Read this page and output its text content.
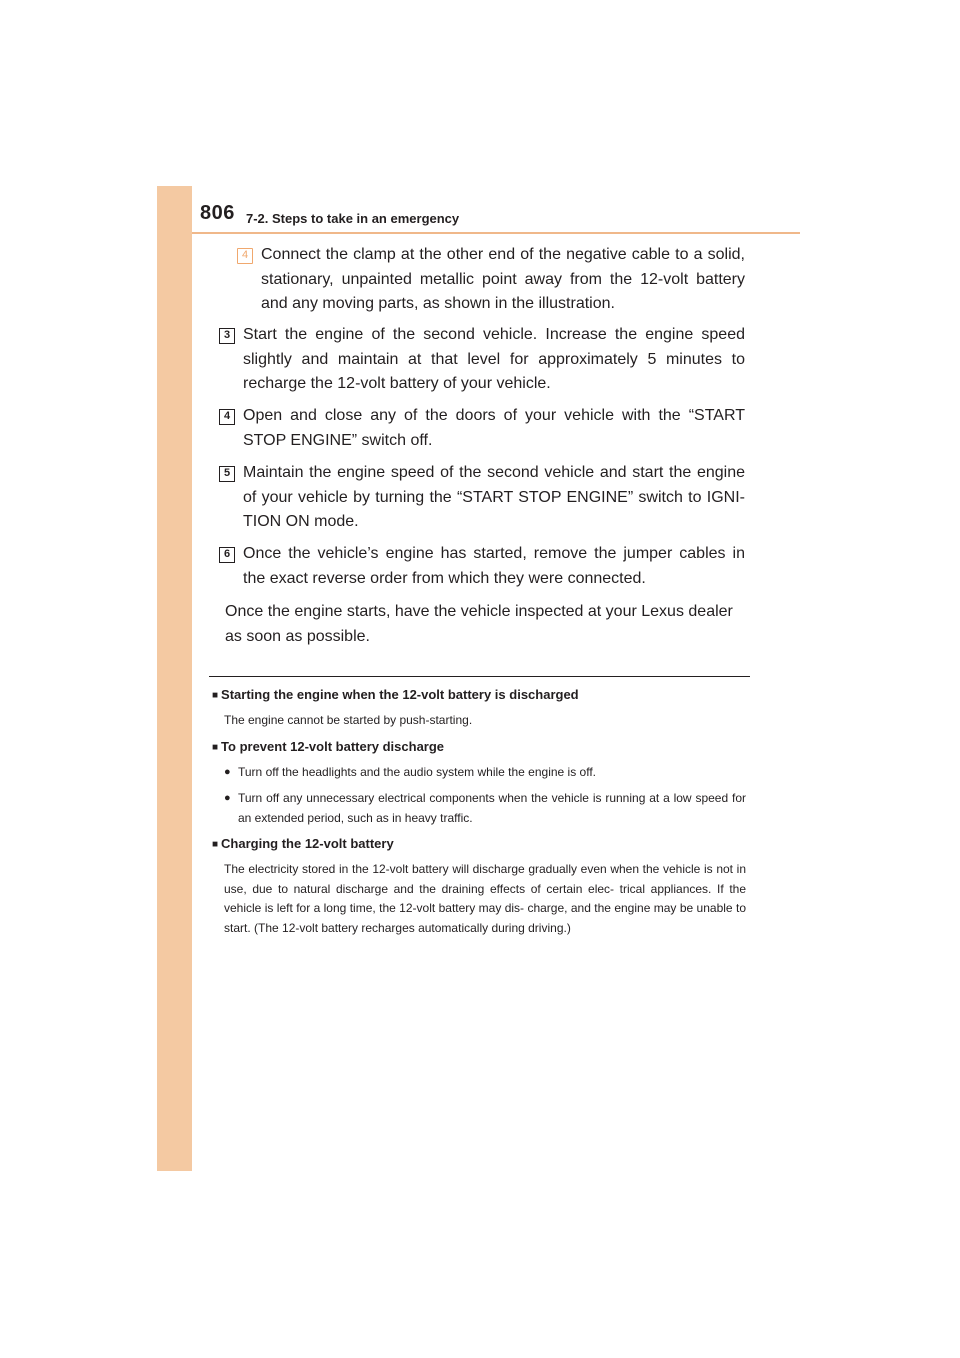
806 7-2. Steps to take in an emergency
4 Connect the clamp at the other end of the negative cable to a solid, stationary, unpainted metallic point away from the 12-volt battery and any moving parts, as shown in the illustration.
3 Start the engine of the second vehicle. Increase the engine speed slightly and maintain at that level for approximately 5 minutes to recharge the 12-volt battery of your vehicle.
4 Open and close any of the doors of your vehicle with the “START STOP ENGINE” switch off.
5 Maintain the engine speed of the second vehicle and start the engine of your vehicle by turning the “START STOP ENGINE” switch to IGNI- TION ON mode.
6 Once the vehicle’s engine has started, remove the jumper cables in the exact reverse order from which they were connected.
Once the engine starts, have the vehicle inspected at your Lexus dealer as soon as possible.
■ Starting the engine when the 12-volt battery is discharged
The engine cannot be started by push-starting.
■ To prevent 12-volt battery discharge
● Turn off the headlights and the audio system while the engine is off.
● Turn off any unnecessary electrical components when the vehicle is running at a low speed for an extended period, such as in heavy traffic.
■ Charging the 12-volt battery
The electricity stored in the 12-volt battery will discharge gradually even when the vehicle is not in use, due to natural discharge and the draining effects of certain elec- trical appliances. If the vehicle is left for a long time, the 12-volt battery may dis- charge, and the engine may be unable to start. (The 12-volt battery recharges automatically during driving.)
